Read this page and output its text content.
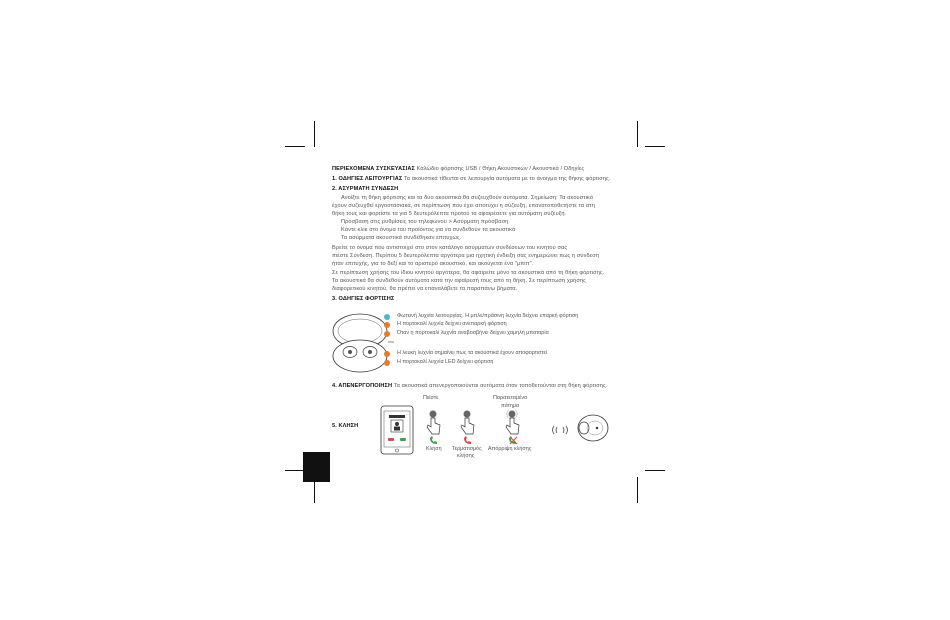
ΠΕΡΙΕΧΟΜΕΝΑ ΣΥΣΚΕΥΑΣΙΑΣ Καλώδιο φόρτισης USB / Θήκη Ακουστικών / Ακουστικά / Οδηγίες
1. ΟΔΗΓΙΕΣ ΛΕΙΤΟΥΡΓΙΑΣ Τα ακουστικά τίθενται σε λειτουργία αυτόματα με το άνοιγμα της θήκης φόρτισης.
2. ΑΣΥΡΜΑΤΗ ΣΥΝΔΕΣΗ
Ανοίξτε τη θήκη φόρτισης και τα δύο ακουστικά θα συζευχθούν αυτόματα. Σημείωση: Τα ακουστικά
έχουν συζευχθεί εργοστασιακά, σε περίπτωση που έχει αποτύχει η σύζευξη, επανατοποθετήστε τα στη
θήκη τους και φορτίστε τα για 5 δευτερόλεπτα προτού τα αφαιρέσετε για αυτόματη σύζευξη.
Πρόσβαση στις ρυθμίσεις του τηλεφώνου > Ασύρματη πρόσβαση
Κάντε κλικ στο όνομα του προϊόντος για να συνδεθούν τα ακουστικά
Τα ασύρματα ακουστικά συνδέθηκαν επιτυχώς.
Βρείτε το όνομα που αντιστοιχεί στο στον κατάλογο ασύρματων συνδέσεων του κινητού σας
πιέστε Σύνδεση. Περίπου 5 δευτερόλεπτα αργότερα μια ηχητική ένδειξη σας ενημερώνει πως η σύνδεση
ήταν επιτυχής, για το δεξί και το αριστερό ακουστικό, και ακούγεται ένα "μπιπ".
Σε περίπτωση χρήσης του ίδιου κινητού αργότερα, θα αφαιρείτε μόνο τα ακουστικά από τη θήκη φόρτισης.
Τα ακουστικά θα συνδεθούν αυτόματα κατά την αφαίρεσή τους από τη θήκη. Σε περίπτωση χρήσης
διαφορετικού κινητού, θα πρέπει να επαναλάβετε τα παραπάνω βήματα.
3. ΟΔΗΓΙΕΣ ΦΟΡΤΙΣΗΣ
Φωτεινή λυχνία λειτουργίας. Η μπλε/πράσινη λυχνία δείχνει επαρκή φόρτιση
Η πορτοκαλί λυχνία δείχνει ανεπαρκή φόρτιση
Όταν η πορτοκαλί λυχνία αναβοσβήνει δείχνει χαμηλή μπαταρία
Η λευκή λυχνία σημαίνει πως τα ακουστικά έχουν αποφορτιστεί
Η πορτοκαλί λυχνία LED δείχνει φόρτιση
4. ΑΠΕΝΕΡΓΟΠΟΙΗΣΗ Τα ακουστικά απενεργοποιούνται αυτόματα όταν τοποθετούνται στη θήκη φόρτισης.
5. ΚΛΗΣΗ
Πιέστε	Παρατεταμένο
πάτημα
Κλήση Τερματισμός
κλήσης
Απόρριψη κλήσης
